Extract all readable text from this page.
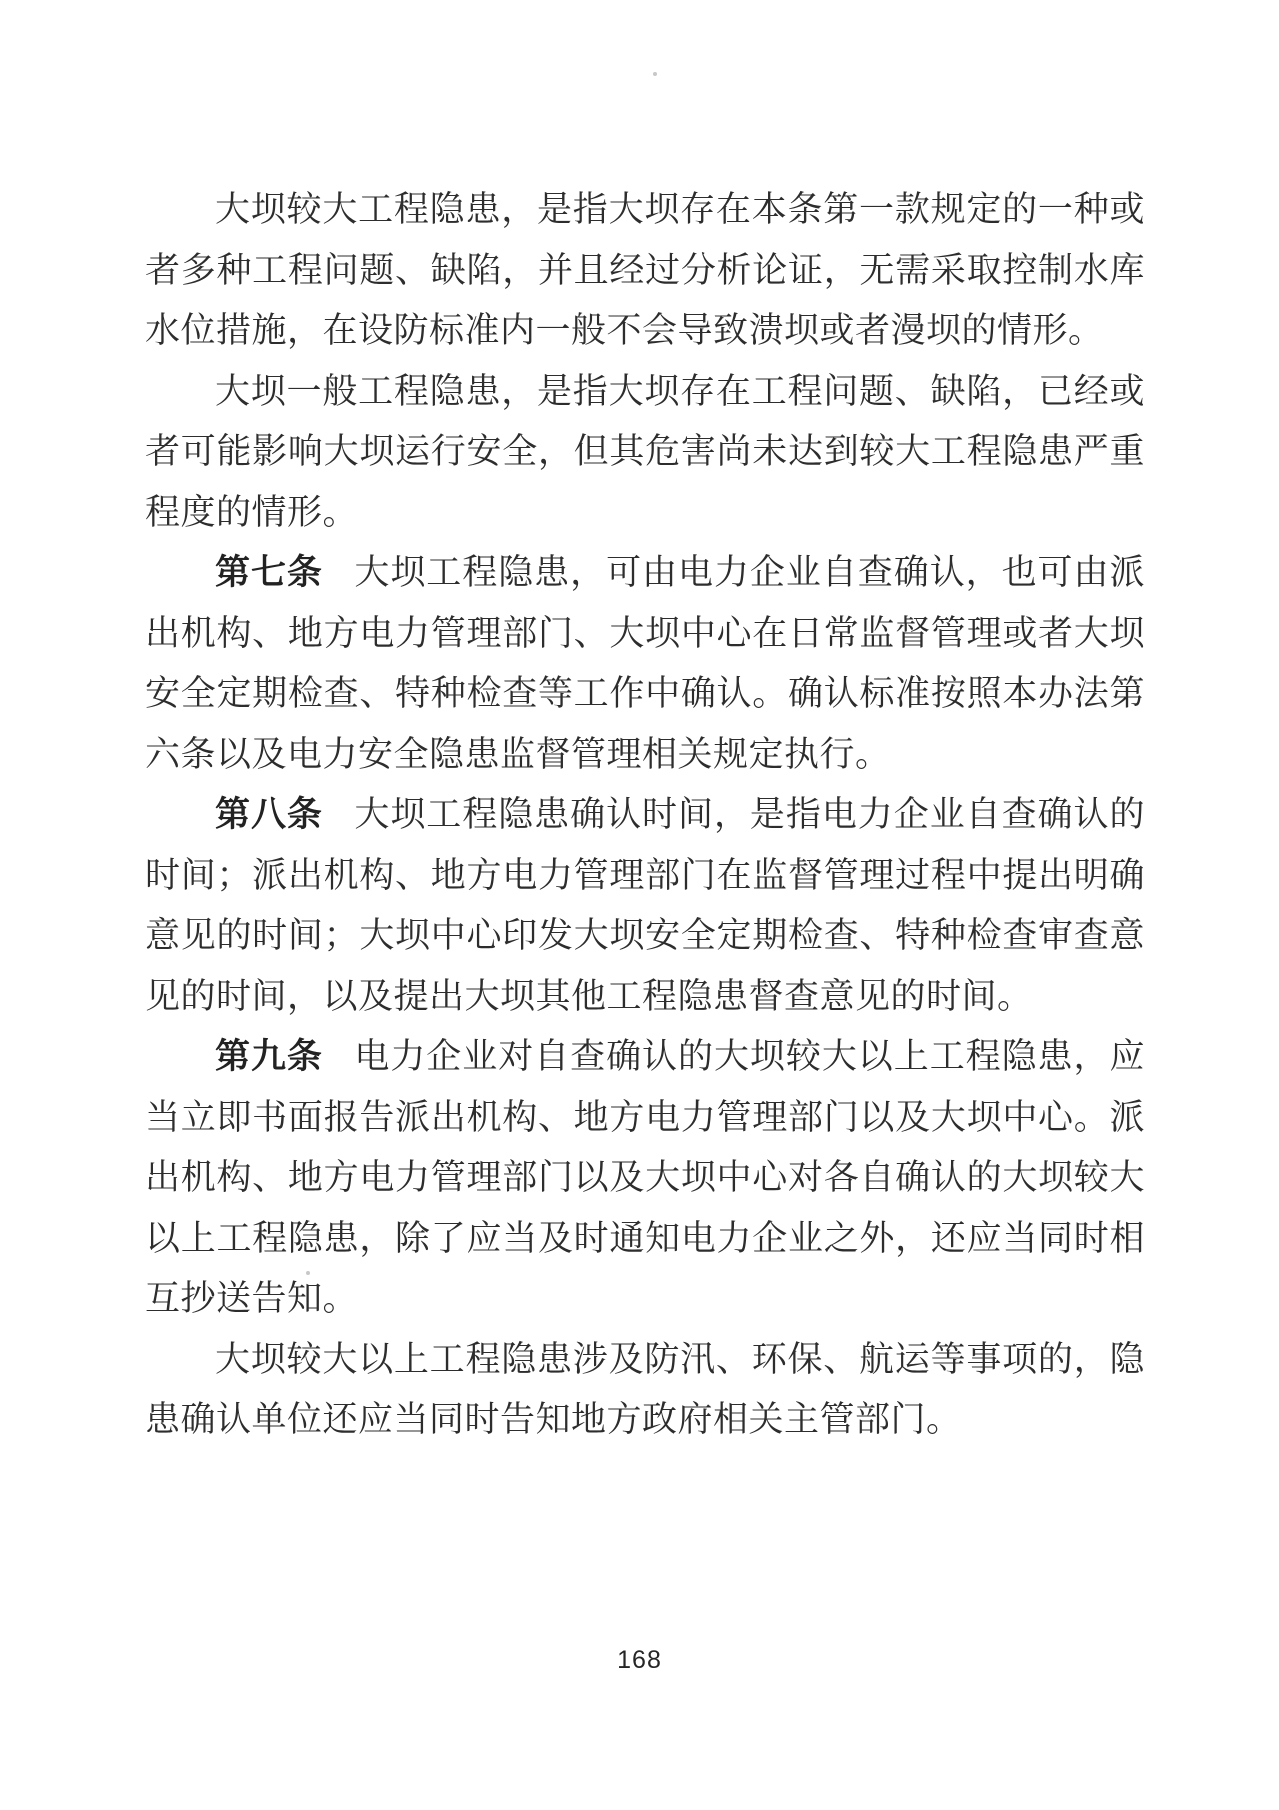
大坝较大工程隐患，是指大坝存在本条第一款规定的一种或者多种工程问题、缺陷，并且经过分析论证，无需采取控制水库水位措施，在设防标准内一般不会导致溃坝或者漫坝的情形。

大坝一般工程隐患，是指大坝存在工程问题、缺陷，已经或者可能影响大坝运行安全，但其危害尚未达到较大工程隐患严重程度的情形。

第七条 大坝工程隐患，可由电力企业自查确认，也可由派出机构、地方电力管理部门、大坝中心在日常监督管理或者大坝安全定期检查、特种检查等工作中确认。确认标准按照本办法第六条以及电力安全隐患监督管理相关规定执行。

第八条 大坝工程隐患确认时间，是指电力企业自查确认的时间；派出机构、地方电力管理部门在监督管理过程中提出明确意见的时间；大坝中心印发大坝安全定期检查、特种检查审查意见的时间，以及提出大坝其他工程隐患督查意见的时间。

第九条 电力企业对自查确认的大坝较大以上工程隐患，应当立即书面报告派出机构、地方电力管理部门以及大坝中心。派出机构、地方电力管理部门以及大坝中心对各自确认的大坝较大以上工程隐患，除了应当及时通知电力企业之外，还应当同时相互抄送告知。

大坝较大以上工程隐患涉及防汛、环保、航运等事项的，隐患确认单位还应当同时告知地方政府相关主管部门。

168
